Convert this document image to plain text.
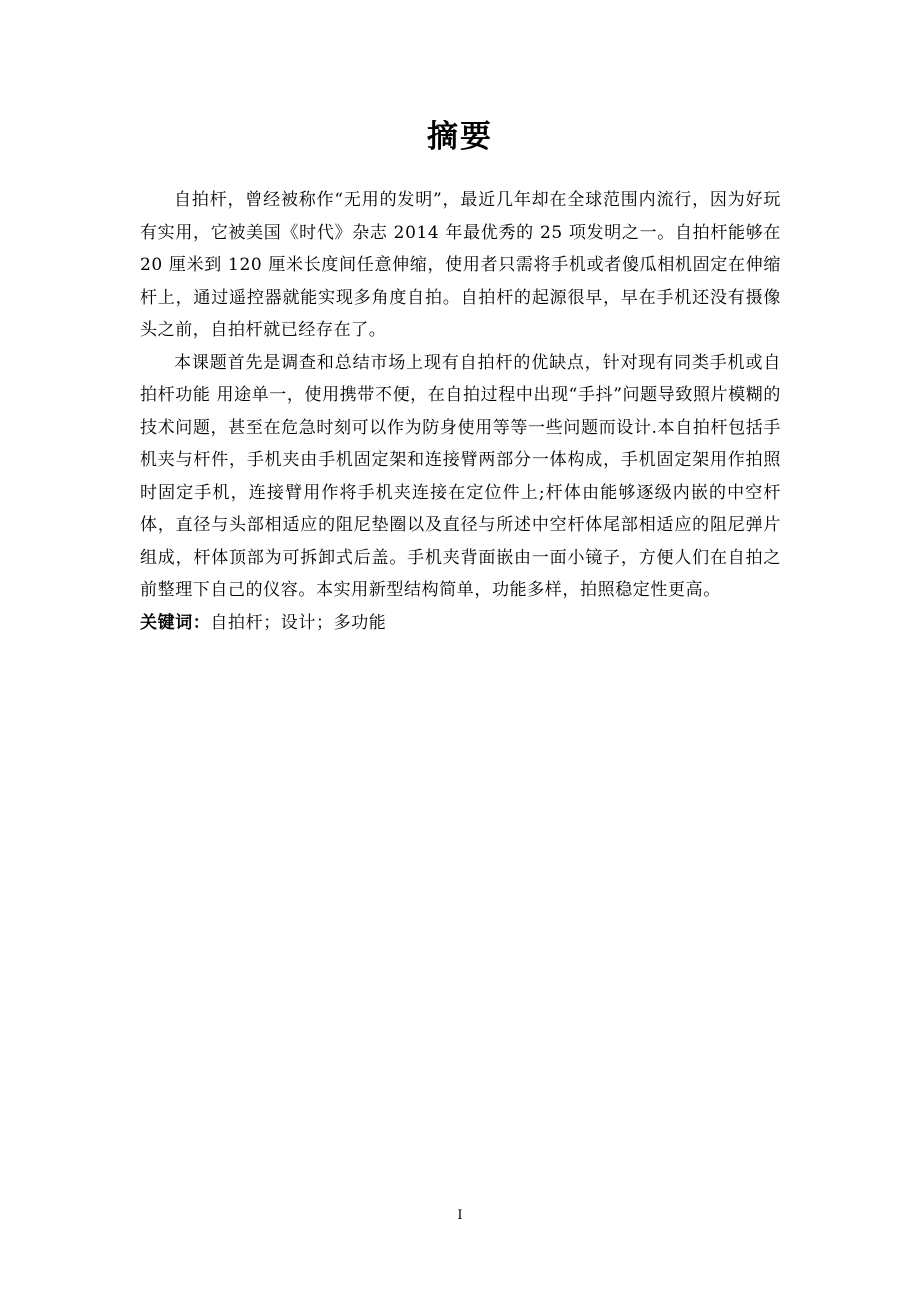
摘要

自拍杆，曾经被称作“无用的发明”，最近几年却在全球范围内流行，因为好玩有实用，它被美国《时代》杂志 2014 年最优秀的 25 项发明之一。自拍杆能够在 20 厘米到 120 厘米长度间任意伸缩，使用者只需将手机或者傻瓜相机固定在伸缩杆上，通过遥控器就能实现多角度自拍。自拍杆的起源很早，早在手机还没有摄像头之前，自拍杆就已经存在了。

本课题首先是调查和总结市场上现有自拍杆的优缺点，针对现有同类手机或自拍杆功能 用途单一，使用携带不便，在自拍过程中出现“手抖”问题导致照片模糊的技术问题，甚至在危急时刻可以作为防身使用等等一些问题而设计.本自拍杆包括手机夹与杆件，手机夹由手机固定架和连接臂两部分一体构成，手机固定架用作拍照时固定手机，连接臂用作将手机夹连接在定位件上;杆体由能够逐级内嵌的中空杆体，直径与头部相适应的阻尼垫圈以及直径与所述中空杆体尾部相适应的阻尼弹片组成，杆体顶部为可拆卸式后盖。手机夹背面嵌由一面小镜子，方便人们在自拍之前整理下自己的仪容。本实用新型结构简单，功能多样，拍照稳定性更高。

关键词：自拍杆；设计；多功能

I
